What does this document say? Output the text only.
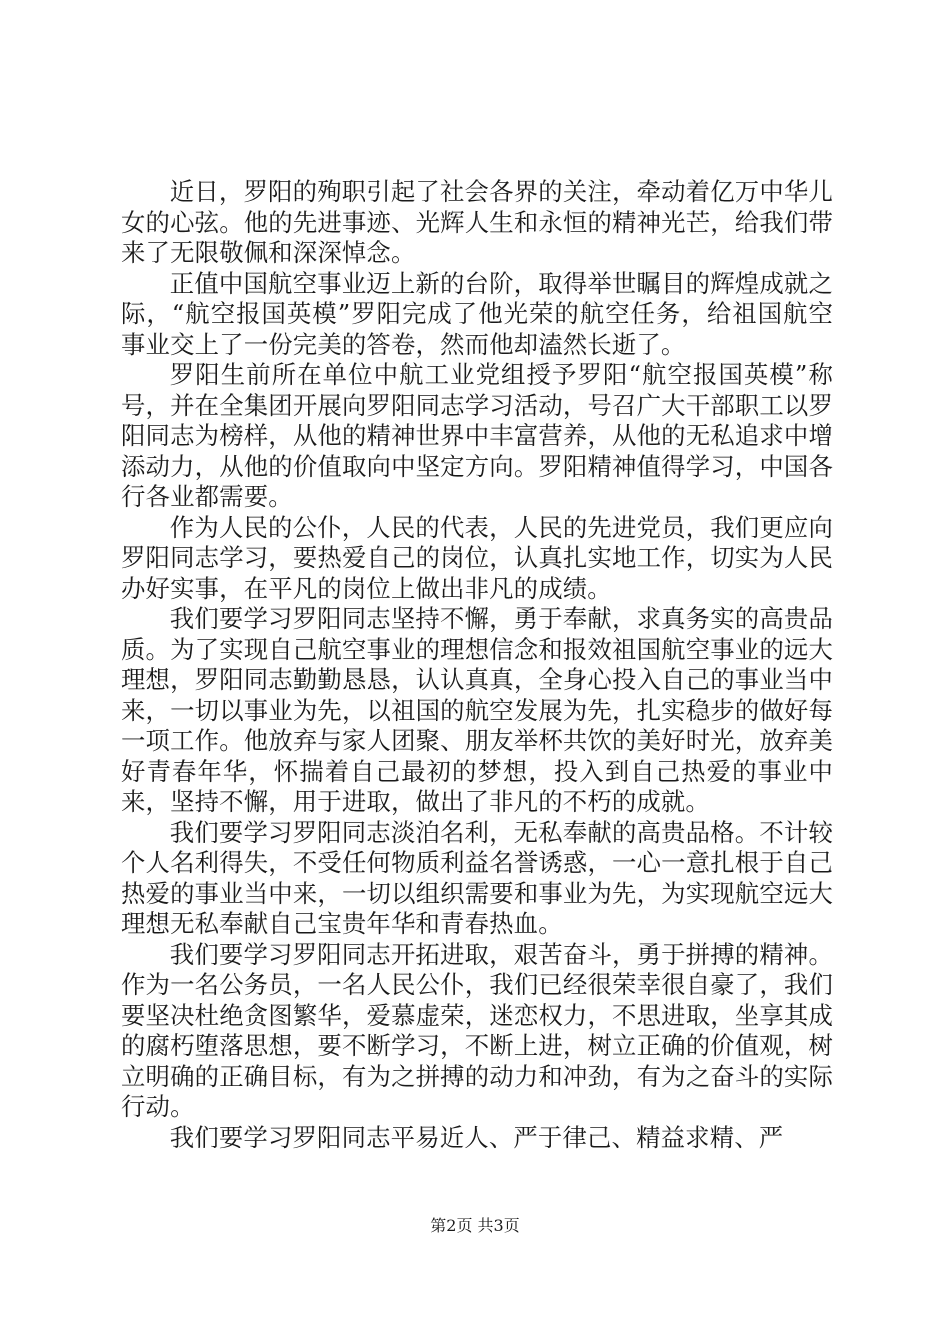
近日，罗阳的殉职引起了社会各界的关注，牵动着亿万中华儿女的心弦。他的先进事迹、光辉人生和永恒的精神光芒，给我们带来了无限敬佩和深深悼念。

正值中国航空事业迈上新的台阶，取得举世瞩目的辉煌成就之际，“航空报国英模”罗阳完成了他光荣的航空任务，给祖国航空事业交上了一份完美的答卷，然而他却溘然长逝了。

罗阳生前所在单位中航工业党组授予罗阳“航空报国英模”称号，并在全集团开展向罗阳同志学习活动，号召广大干部职工以罗阳同志为榜样，从他的精神世界中丰富营养，从他的无私追求中增添动力，从他的价值取向中坚定方向。罗阳精神值得学习，中国各行各业都需要。

作为人民的公仆，人民的代表，人民的先进党员，我们更应向罗阳同志学习，要热爱自己的岗位，认真扎实地工作，切实为人民办好实事，在平凡的岗位上做出非凡的成绩。

我们要学习罗阳同志坚持不懈，勇于奉献，求真务实的高贵品质。为了实现自己航空事业的理想信念和报效祖国航空事业的远大理想，罗阳同志勤勤恳恳，认认真真，全身心投入自己的事业当中来，一切以事业为先，以祖国的航空发展为先，扎实稳步的做好每一项工作。他放弃与家人团聚、朋友举杯共饮的美好时光，放弃美好青春年华，怀揣着自己最初的梦想，投入到自己热爱的事业中来，坚持不懈，用于进取，做出了非凡的不朽的成就。

我们要学习罗阳同志淡泊名利，无私奉献的高贵品格。不计较个人名利得失，不受任何物质利益名誉诱惑，一心一意扎根于自己热爱的事业当中来，一切以组织需要和事业为先，为实现航空远大理想无私奉献自己宝贵年华和青春热血。

我们要学习罗阳同志开拓进取，艰苦奋斗，勇于拼搏的精神。作为一名公务员，一名人民公仆，我们已经很荣幸很自豪了，我们要坚决杜绝贪图繁华，爱慕虚荣，迷恋权力，不思进取，坐享其成的腐朽堕落思想，要不断学习，不断上进，树立正确的价值观，树立明确的正确目标，有为之拼搏的动力和冲劲，有为之奋斗的实际行动。

我们要学习罗阳同志平易近人、严于律己、精益求精、严

第2页 共3页
